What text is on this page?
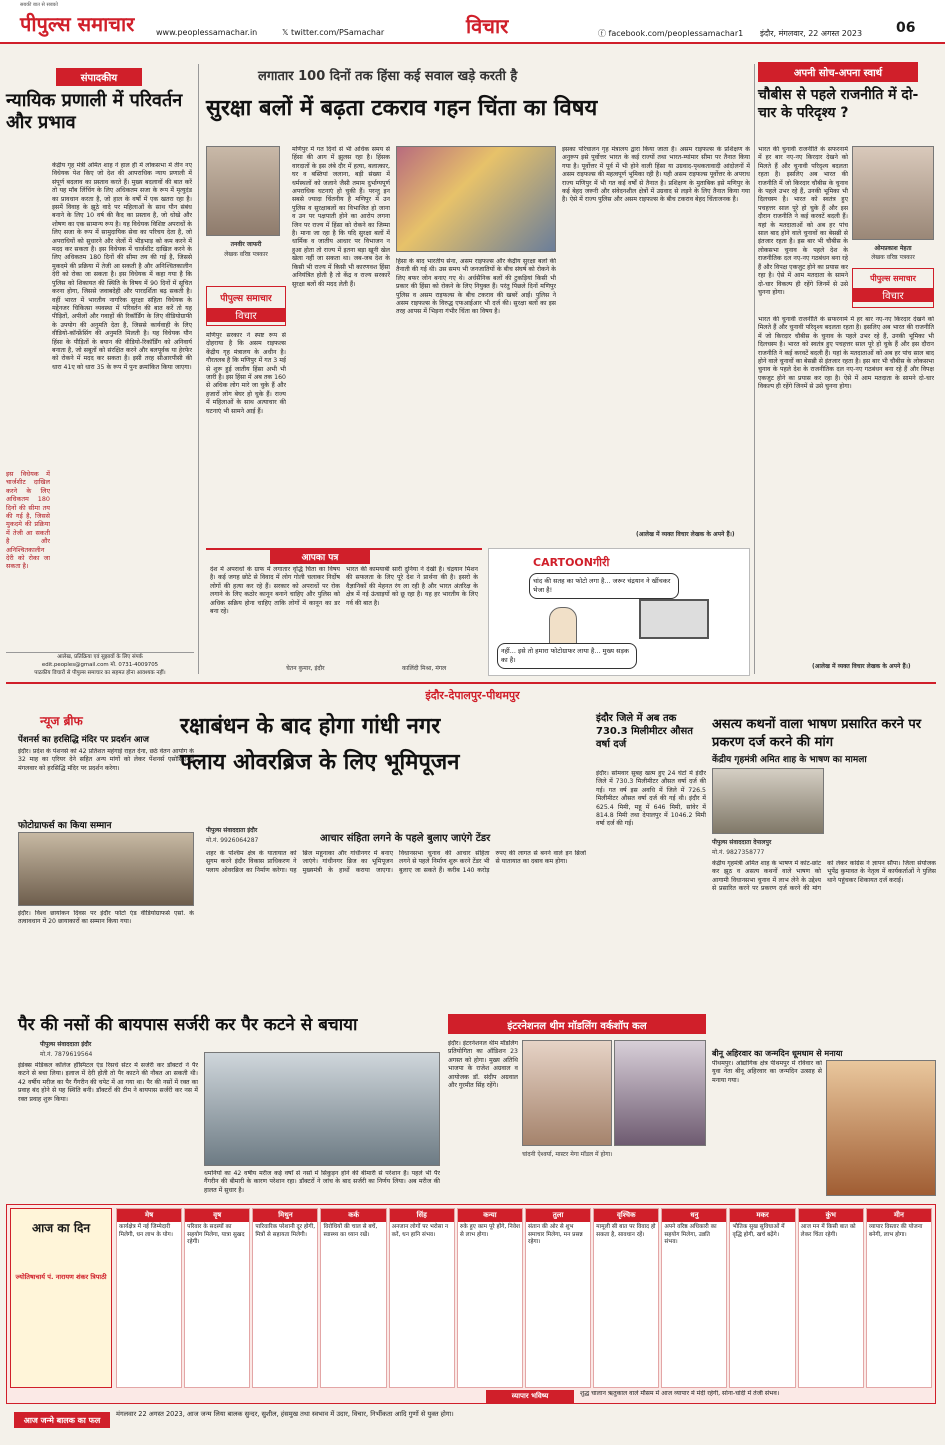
सबकी बात से सबको
पीपुल्स समाचार	www.peoplessamachar.in	𝕏 twitter.com/PSamachar	विचार	ⓕ facebook.com/peoplessamachar1 इंदौर, मंगलवार, 22 अगस्त 2023 06
संपादकीय
न्यायिक प्रणाली में परिवर्तन और प्रभाव
केंद्रीय गृह मंत्री अमित शाह ने हाल ही में लोकसभा में तीन नए विधेयक पेश किए जो देश की आपराधिक न्याय प्रणाली में संपूर्ण बदलाव का प्रस्ताव करते हैं। मुख्य बदलावों की बात करें तो यह मॉब लिंचिंग के लिए अधिकतम सजा के रूप में मृत्युदंड का प्रावधान करता है, जो हाल के वर्षों में एक खतरा रहा है। इसमें विवाह के झूठे वादे पर महिलाओं के साथ यौन संबंध बनाने के लिए 10 वर्ष की कैद का प्रस्ताव है, जो धोखे और शोषण का एक सामान्य रूप है। यह विधेयक विशिष्ट अपराधों के लिए सजा के रूप में सामुदायिक सेवा का परिचय देता है, जो अपराधियों को सुधारने और जेलों में भीड़भाड़ को कम करने में मदद कर सकता है। इस विधेयक में चार्जशीट दाखिल करने के लिए अधिकतम 180 दिनों की सीमा तय की गई है, जिससे मुकदमे की प्रक्रिया में तेजी आ सकती है और अनिश्चितकालीन देरी को रोका जा सकता है। इस विधेयक में कहा गया है कि पुलिस को शिकायत की स्थिति के विषय में 90 दिनों में सूचित करना होगा, जिससे जवाबदेही और पारदर्शिता बढ़ सकती है। वहीं भारत में भारतीय नागरिक सुरक्षा संहिता विधेयक के मद्देनजर चिकित्सा व्यवस्था में परिवर्तन की बात करें तो यह पीड़ितों, अपीलों और गवाहों की रिकॉर्डिंग के लिए वीडियोग्राफी के उपयोग की अनुमति देता है, जिससे कार्यवाही के लिए वीडियो-कॉन्फ्रेंसिंग की अनुमति मिलती है। यह विधेयक यौन हिंसा के पीड़ितों के बयान की वीडियो-रिकॉर्डिंग को अनिवार्य बनाता है, जो सबूतों को संरक्षित करने और बलपूर्वक या हेरफेर को रोकने में मदद कर सकता है। इसी तरह सीआरपीसी की धारा 41ए को धारा 35 के रूप में पुनः क्रमांकित किया जाएगा।
इस विधेयक में चार्जशीट दाखिल करने के लिए अधिकतम 180 दिनों की सीमा तय की गई है, जिससे मुकदमे की प्रक्रिया में तेजी आ सकती है और अनिश्चितकालीन देरी को रोका जा सकता है।
आलेख, प्रतिक्रिया एवं सुझावों के लिए संपर्क
edit.peoples@gmail.com मो. 0731-4009705
पाठकीय विचारों से पीपुल्स समाचार का सहमत होना आवश्यक नहीं।
लगातार 100 दिनों तक हिंसा कई सवाल खड़े करती है
सुरक्षा बलों में बढ़ता टकराव गहन चिंता का विषय
तनवीर जाफरी
लेखक वरिष्ठ पत्रकार
पीपुल्स समाचार
विचार
मणिपुर सरकार ने स्पष्ट रूप से दोहराया है कि असम राइफल्स केंद्रीय गृह मंत्रालय के अधीन है। गौरतलब है कि मणिपुर में गत 3 मई से शुरू हुई जातीय हिंसा अभी भी जारी है। इस हिंसा में अब तक 160 से अधिक लोग मारे जा चुके हैं और हजारों लोग बेघर हो चुके हैं। राज्य में महिलाओं के साथ अत्याचार की घटनाएं भी सामने आई हैं।
मणिपुर में गत दिनों से भी अधिक समय से हिंसा की आग में झुलस रहा है। हिंसक वारदातों के इस लंबे दौर में हत्या, बलात्कार, घर व बस्तियां जलाना, बड़ी संख्या में धर्मस्थलों को जलाने जैसी तमाम दुर्भाग्यपूर्ण अपराधिक घटनाएं हो चुकी हैं। परन्तु इन सबसे ज्यादा चिंतनीय है मणिपुर में उन पुलिस व सुरक्षाबलों का विभाजित हो जाना व उन पर पक्षपाती होने का आरोप लगना जिन पर राज्य में हिंसा को रोकने का जिम्मा है। माना जा रहा है कि यदि सुरक्षा बलों में धार्मिक व जातीय आधार पर विभाजन न हुआ होता तो राज्य में इतना बड़ा खूनी खेल खेला नहीं जा सकता था। जब-जब देश के किसी भी राज्य में किसी भी कारणवश हिंसा अनियंत्रित होती है तो केंद्र व राज्य सरकारें सुरक्षा बलों की मदद लेती हैं।
हिंसा के बाद भारतीय सेना, असम राइफल्स और केंद्रीय सुरक्षा बलों की तैनाती की गई थी। उस समय भी जनजातियों के बीच संघर्ष को रोकने के लिए बफर जोन बनाए गए थे। अर्धसैनिक बलों की टुकड़ियां किसी भी प्रकार की हिंसा को रोकने के लिए नियुक्त हैं। परंतु पिछले दिनों मणिपुर पुलिस व असम राइफल्स के बीच टकराव की खबरें आईं। पुलिस ने असम राइफल्स के विरुद्ध एफआईआर भी दर्ज की। सुरक्षा बलों का इस तरह आपस में भिड़ना गंभीर चिंता का विषय है।
इसका परिचालन गृह मंत्रालय द्वारा किया जाता है। असम राइफल्स के प्रशिक्षण के अनुरूप इसे पूर्वोत्तर भारत के कई राज्यों तथा भारत-म्यांमार सीमा पर तैनात किया गया है। पूर्वोत्तर में पूर्व में भी होने वाली हिंसा या उग्रवाद-पृथकतावादी आंदोलनों में असम राइफल्स की महत्वपूर्ण भूमिका रही है। यही असम राइफल्स पूर्वोत्तर के अपराध राज्य मणिपुर में भी गत कई वर्षों से तैनात है। प्रशिक्षण के मुताबिक इसे मणिपुर के कई बेहद जरूरी और संवेदनशील क्षेत्रों में उग्रवाद से लड़ने के लिए तैनात किया गया है। ऐसे में राज्य पुलिस और असम राइफल्स के बीच टकराव बेहद चिंताजनक है।
(आलेख में व्यक्त विचार लेखक के अपने हैं।)
अपनी सोच-अपना स्वार्थ
चौबीस से पहले राजनीति में दो-चार के परिदृश्य ?
ओमप्रकाश मेहता
लेखक वरिष्ठ पत्रकार
पीपुल्स समाचार
विचार
भारत की चुनावी राजनीति के सफरनामे में हर बार नए-नए किरदार देखने को मिलते हैं और चुनावी परिदृश्य बदलता रहता है। इसलिए अब भारत की राजनीति में जो किरदार चौबीस के चुनाव के पहले उभर रहे हैं, उनकी भूमिका भी दिलचस्प है। भारत को स्वतंत्र हुए पचहत्तर साल पूरे हो चुके हैं और इस दौरान राजनीति ने कई करवटें बदली हैं। यहां के मतदाताओं को अब हर पांच साल बाद होने वाले चुनावों का बेसब्री से इंतजार रहता है। इस बार भी चौबीस के लोकसभा चुनाव के पहले देश के राजनीतिक दल नए-नए गठबंधन बना रहे हैं और विपक्ष एकजुट होने का प्रयास कर रहा है। ऐसे में आम मतदाता के सामने दो-चार विकल्प ही रहेंगे जिनमें से उसे चुनना होगा।
भारत की चुनावी राजनीति के सफरनामे में हर बार नए-नए किरदार देखने को मिलते हैं और चुनावी परिदृश्य बदलता रहता है। इसलिए अब भारत की राजनीति में जो किरदार चौबीस के चुनाव के पहले उभर रहे हैं, उनकी भूमिका भी दिलचस्प है। भारत को स्वतंत्र हुए पचहत्तर साल पूरे हो चुके हैं और इस दौरान राजनीति ने कई करवटें बदली हैं। यहां के मतदाताओं को अब हर पांच साल बाद होने वाले चुनावों का बेसब्री से इंतजार रहता है। इस बार भी चौबीस के लोकसभा चुनाव के पहले देश के राजनीतिक दल नए-नए गठबंधन बना रहे हैं और विपक्ष एकजुट होने का प्रयास कर रहा है। ऐसे में आम मतदाता के सामने दो-चार विकल्प ही रहेंगे जिनमें से उसे चुनना होगा।
(आलेख में व्यक्त विचार लेखक के अपने हैं।)
आपका पत्र
देश में अपराधों के ग्राफ में लगातार वृद्धि चिंता का विषय है। कई जगह छोटे से विवाद में लोग गोली चलाकर निर्दोष लोगों की हत्या कर रहे हैं। सरकार को अपराधों पर रोक लगाने के लिए कठोर कानून बनाने चाहिए और पुलिस को अधिक सक्रिय होना चाहिए ताकि लोगों में कानून का डर बना रहे।
चेतन कुमार, इंदौर
भारत की कामयाबी सारी दुनिया ने देखी है। चंद्रयान मिशन की सफलता के लिए पूरे देश ने प्रार्थना की है। इसरो के वैज्ञानिकों की मेहनत रंग ला रही है और भारत अंतरिक्ष के क्षेत्र में नई ऊंचाइयों को छू रहा है। यह हर भारतीय के लिए गर्व की बात है।
कालिंदी मिश्रा, मंगल
CARTOONगीरी
चांद की सतह का फोटो लगा है... जरूर चंद्रयान ने खींचकर भेजा है!
नहीं... इसे तो हमारा फोटोग्राफर लाया है... मुख्य सड़क का है।
इंदौर-देपालपुर-पीथमपुर
न्यूज ब्रीफ
पेंशनर्स का हरसिद्धि मंदिर पर प्रदर्शन आज
इंदौर। प्रदेश के पेंशनर्स को 42 प्रतिशत महंगाई राहत देना, छठे वेतन आयोग के 32 माह का एरियर देने सहित अन्य मांगों को लेकर पेंशनर्स एसोसिएशन मंगलवार को हरसिद्धि मंदिर पर प्रदर्शन करेगा।
फोटोग्राफर्स का किया सम्मान
इंदौर। विश्व छायांकन दिवस पर इंदौर फोटो एंड वीडियोग्राफर्स एसो. के तत्वावधान में 20 छायाकारों का सम्मान किया गया।
रक्षाबंधन के बाद होगा गांधी नगर
फ्लाय ओवरब्रिज के लिए भूमिपूजन
पीपुल्स संवाददाता इंदौर
मो.नं. 9926064287	आचार संहिता लगने के पहले बुलाए जाएंगे टेंडर
शहर के पश्चिम क्षेत्र के यातायात को सुगम करने इंदौर विकास प्राधिकरण ने फ्लाय ओवरब्रिज का निर्माण करेगा। यह ब्रिज महूनाका और गांधीनगर में बनाए जाएंगे। गांधीनगर ब्रिज का भूमिपूजन मुख्यमंत्री के हाथों कराया जाएगा। विधानसभा चुनाव की आचार संहिता लगने से पहले निर्माण शुरू करने टेंडर भी बुलाए जा सकते हैं। करीब 140 करोड़ रुपए की लागत से बनने वाले इन ब्रिजों से यातायात का दबाव कम होगा।
इंदौर जिले में अब तक 730.3 मिलीमीटर औसत वर्षा दर्ज
इंदौर। सोमवार सुबह खत्म हुए 24 घंटों में इंदौर जिले में 730.3 मिलीमीटर औसत वर्षा दर्ज की गई। गत वर्ष इस अवधि में जिले में 726.5 मिलीमीटर औसत वर्षा दर्ज की गई थी। इंदौर में 625.4 मिमी, महू में 646 मिमी, सांवेर में 814.8 मिमी तथा देपालपुर में 1046.2 मिमी वर्षा दर्ज की गई।
असत्य कथनों वाला भाषण प्रसारित करने पर प्रकरण दर्ज करने की मांग
केंद्रीय गृहमंत्री अमित शाह के भाषण का मामला
पीपुल्स संवाददाता देपालपुर
मो.नं. 9827358777
केंद्रीय गृहमंत्री अमित शाह के भाषण में कांट-छांट कर झूठ व असत्य कथनों वाले भाषण को आगामी विधानसभा चुनाव में लाभ लेने के उद्देश्य से प्रसारित करने पर प्रकरण दर्ज करने की मांग को लेकर कांग्रेस ने ज्ञापन सौंपा। जिला संयोजक भूपेंद्र कुमावत के नेतृत्व में कार्यकर्ताओं ने पुलिस थाने पहुंचकर शिकायत दर्ज कराई।
पैर की नसों की बायपास सर्जरी कर पैर कटने से बचाया
पीपुल्स संवाददाता इंदौर
मो.नं. 7879619564
इंडेक्स मेडिकल कॉलेज हॉस्पिटल एंड रिसर्च सेंटर में सर्जरी कर डॉक्टरों ने पैर कटने से बचा लिया। इलाज में देरी होती तो पैर काटने की नौबत आ सकती थी। 42 वर्षीय मरीज का पैर गैंगरीन की चपेट में आ गया था। पैर की नसों में रक्त का प्रवाह बंद होने से यह स्थिति बनी। डॉक्टरों की टीम ने बायपास सर्जरी कर नस में रक्त प्रवाह शुरू किया।
धमनियों का 42 वर्षीय मरीज कई वर्षों से नसों में सिकुड़न होने की बीमारी से परेशान है। पहले भी पैर गैंगरीन की बीमारी के कारण परेशान रहा। डॉक्टरों ने जांच के बाद सर्जरी का निर्णय लिया। अब मरीज की हालत में सुधार है।
इंटरनेशनल थीम मॉडलिंग वर्कशॉप कल
इंदौर। इंटरनेशनल थीम मॉडलिंग प्रतियोगिता का ऑडिशन 23 अगस्त को होगा। मुख्य अतिथि भाजपा के राजेश अग्रवाल व आयोजक डॉ. संदीप अग्रवाल और गुरमीत सिंह रहेंगे।
चांदनी ऐश्वर्या, मास्टर मेगा मॉडल में होगा।
बीनू अहिरवार का जन्मदिन धूमधाम से मनाया
पीथमपुर। ओद्योगिक क्षेत्र पीथमपुर में रविवार को युवा नेता बीनू अहिरवार का जन्मदिन उत्साह से मनाया गया।
आज का दिन
ज्योतिषाचार्य पं. नारायण शंकर त्रिपाठी
मेष
कार्यक्षेत्र में नई जिम्मेदारी मिलेगी, धन लाभ के योग।
वृष
परिवार के सदस्यों का सहयोग मिलेगा, यात्रा सुखद रहेगी।
मिथुन
पारिवारिक परेशानी दूर होगी, मित्रों से सहायता मिलेगी।
कर्क
विरोधियों की चाल से बचें, स्वास्थ्य का ध्यान रखें।
सिंह
अनजान लोगों पर भरोसा न करें, धन हानि संभव।
कन्या
रुके हुए काम पूरे होंगे, निवेश से लाभ होगा।
तुला
संतान की ओर से शुभ समाचार मिलेगा, मन प्रसन्न रहेगा।
वृश्चिक
मामूली सी बात पर विवाद हो सकता है, सावधान रहें।
धनु
अपने वरिष्ठ अधिकारी का सहयोग मिलेगा, उन्नति संभव।
मकर
भौतिक सुख सुविधाओं में वृद्धि होगी, खर्च बढ़ेंगे।
कुंभ
आज मन में किसी बात को लेकर चिंता रहेगी।
मीन
व्यापार विस्तार की योजना बनेगी, लाभ होगा।
आज जन्मे बालक का फल
मंगलवार 22 अगस्त 2023, आज जन्म लिया बालक सुन्दर, सुशील, हंसमुख तथा स्वभाव में उदार, विचार, निर्भीकता आदि गुणों से युक्त होगा।
व्यापार भविष्य	शुद्ध चालान ऋतुकाल वाले मौसम में आज व्यापार में मंदी रहेगी, सोना-चांदी में तेजी संभव।
